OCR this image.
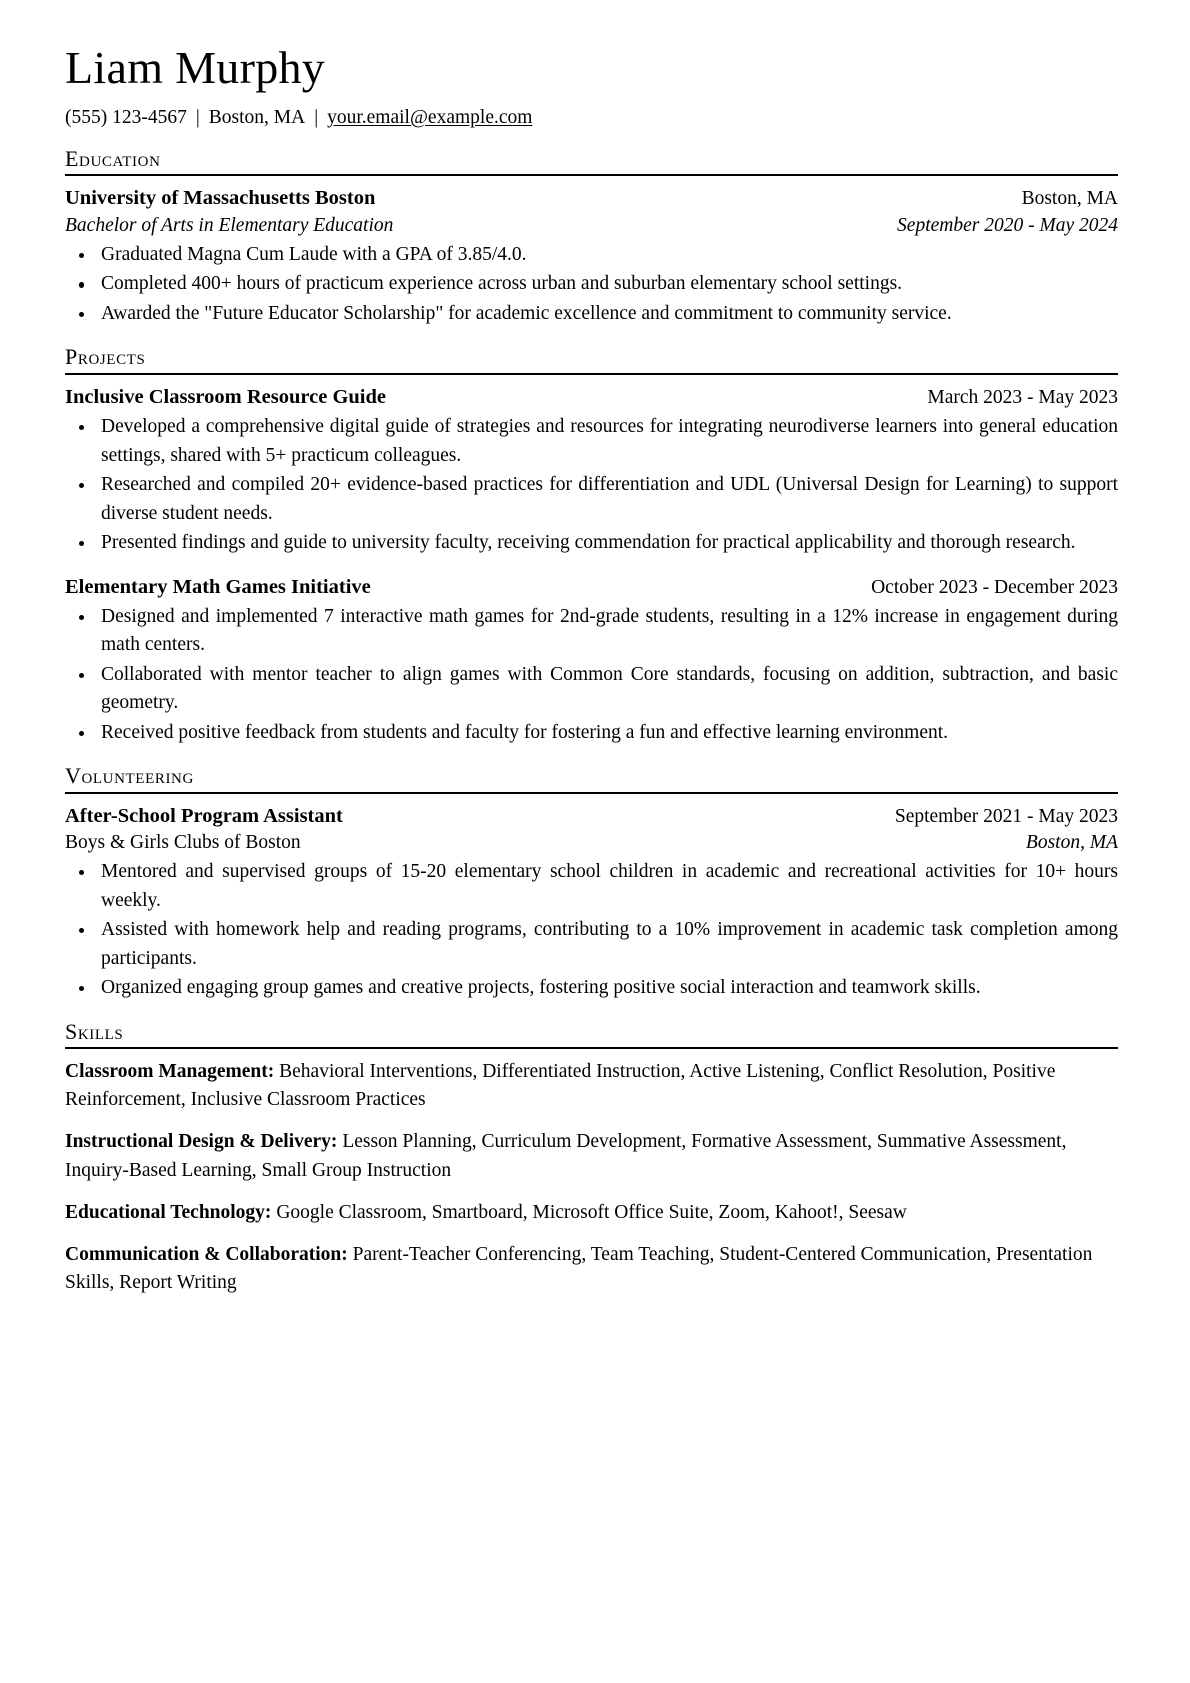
Liam Murphy
(555) 123-4567 | Boston, MA | your.email@example.com
Education
University of Massachusetts Boston	Boston, MA
Bachelor of Arts in Elementary Education	September 2020 - May 2024
Graduated Magna Cum Laude with a GPA of 3.85/4.0.
Completed 400+ hours of practicum experience across urban and suburban elementary school settings.
Awarded the "Future Educator Scholarship" for academic excellence and commitment to community service.
Projects
Inclusive Classroom Resource Guide	March 2023 - May 2023
Developed a comprehensive digital guide of strategies and resources for integrating neurodiverse learners into general education settings, shared with 5+ practicum colleagues.
Researched and compiled 20+ evidence-based practices for differentiation and UDL (Universal Design for Learning) to support diverse student needs.
Presented findings and guide to university faculty, receiving commendation for practical applicability and thorough research.
Elementary Math Games Initiative	October 2023 - December 2023
Designed and implemented 7 interactive math games for 2nd-grade students, resulting in a 12% increase in engagement during math centers.
Collaborated with mentor teacher to align games with Common Core standards, focusing on addition, subtraction, and basic geometry.
Received positive feedback from students and faculty for fostering a fun and effective learning environment.
Volunteering
After-School Program Assistant	September 2021 - May 2023
Boys & Girls Clubs of Boston	Boston, MA
Mentored and supervised groups of 15-20 elementary school children in academic and recreational activities for 10+ hours weekly.
Assisted with homework help and reading programs, contributing to a 10% improvement in academic task completion among participants.
Organized engaging group games and creative projects, fostering positive social interaction and teamwork skills.
Skills

Classroom Management: Behavioral Interventions, Differentiated Instruction, Active Listening, Conflict Resolution, Positive Reinforcement, Inclusive Classroom Practices

Instructional Design & Delivery: Lesson Planning, Curriculum Development, Formative Assessment, Summative Assessment, Inquiry-Based Learning, Small Group Instruction

Educational Technology: Google Classroom, Smartboard, Microsoft Office Suite, Zoom, Kahoot!, Seesaw

Communication & Collaboration: Parent-Teacher Conferencing, Team Teaching, Student-Centered Communication, Presentation Skills, Report Writing
